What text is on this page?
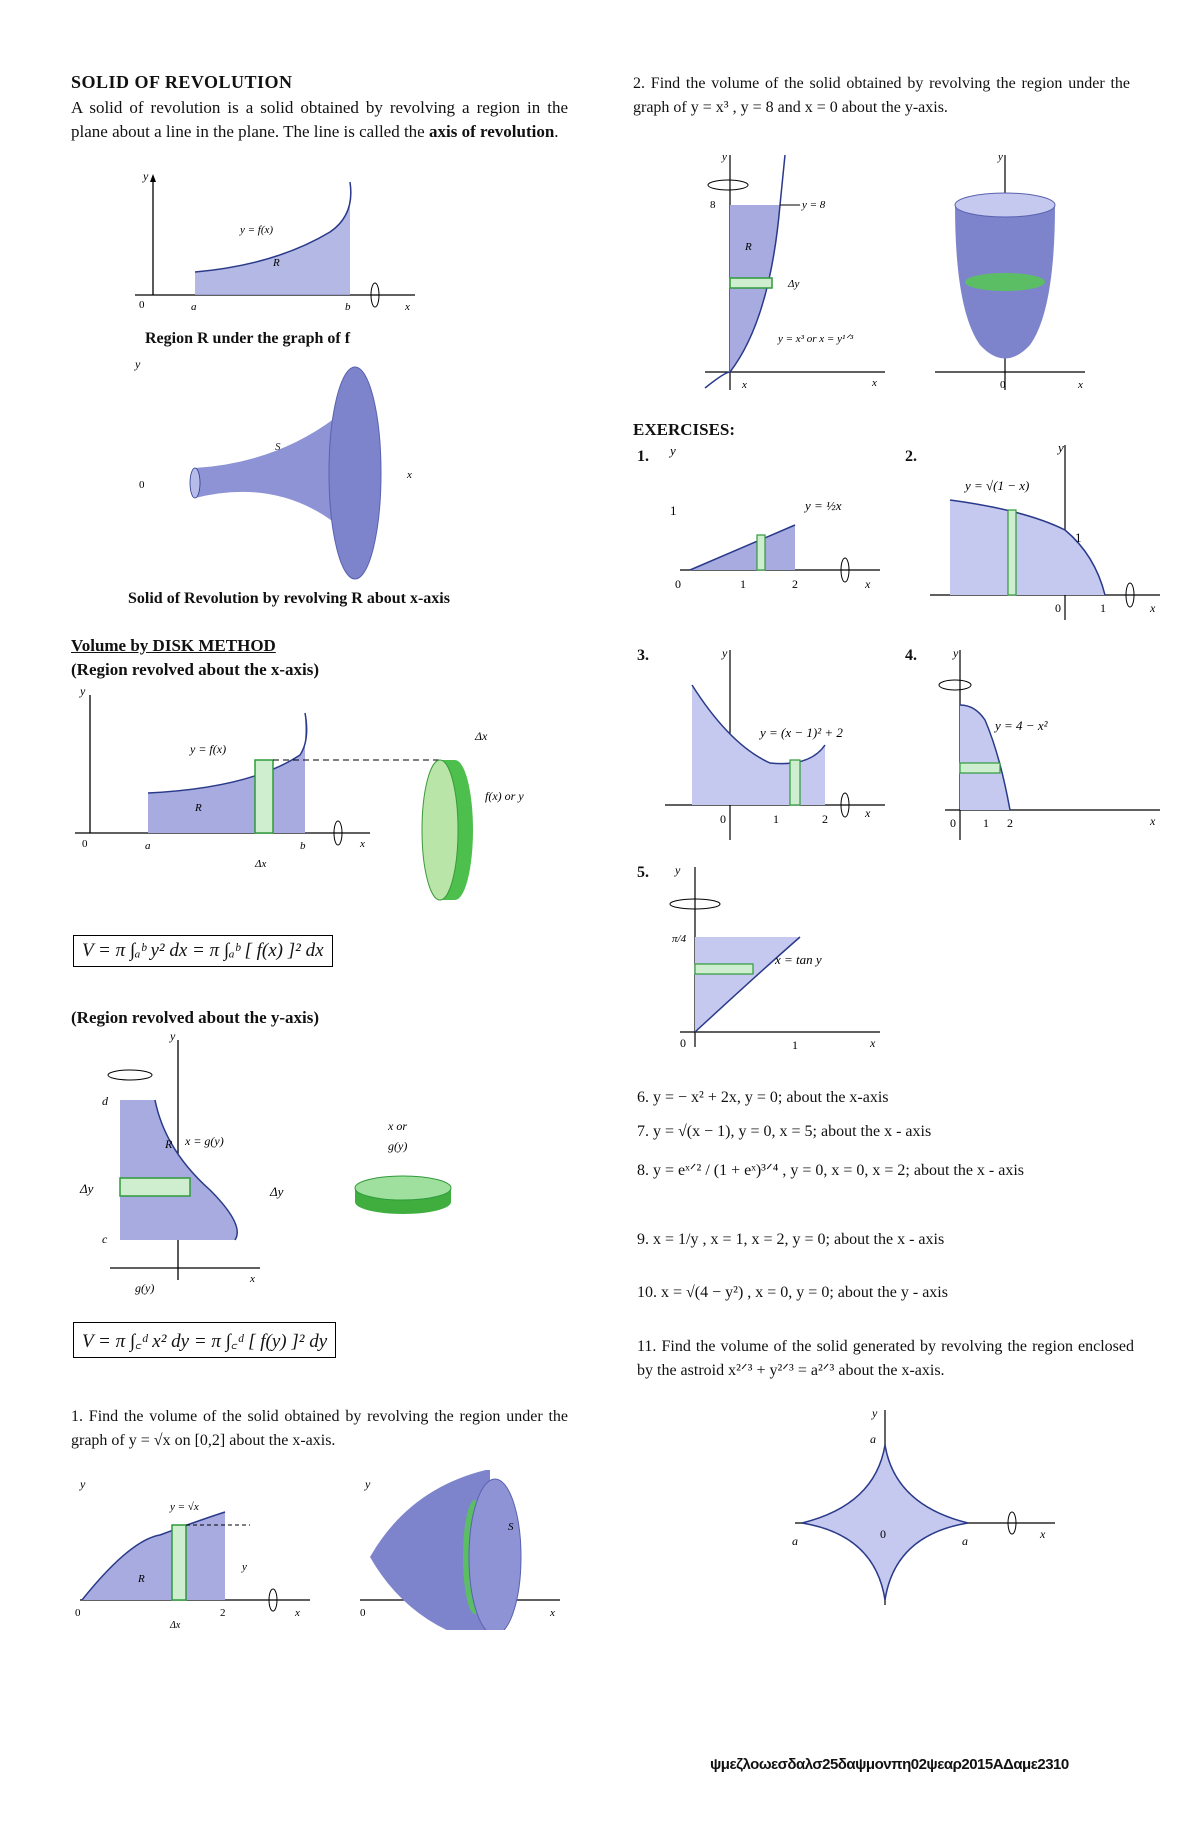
SOLID OF REVOLUTION
A solid of revolution is a solid obtained by revolving a region in the plane about a line in the plane. The line is called the axis of revolution.
y
0	a	b	x
y = f(x)
R
Region R under the graph of f
y
0
S
x
Solid of Revolution by revolving R about x-axis
Volume by DISK METHOD
(Region revolved about the x-axis)
y
0	a	b	x
y = f(x)
R
Δx
Δx
f(x) or y
V = π ∫ₐᵇ y² dx = π ∫ₐᵇ [ f(x) ]² dx
(Region revolved about the y-axis)
y
d
c
R x = g(y)
Δy
x
g(y)
Δy
x or
g(y)
V = π ∫꜀ᵈ x² dy = π ∫꜀ᵈ [ f(y) ]² dy
1. Find the volume of the solid obtained by revolving the region under the graph of y = √x on [0,2] about the x-axis.
y
y = √x
R
y
0	2
Δx
x
y
S
0	x
2. Find the volume of the solid obtained by revolving the region under the graph of y = x³ , y = 8 and x = 0 about the y-axis.
y
8	y = 8
R
Δy
y = x³ or x = y¹ᐟ³
x	x
y
0	x
EXERCISES:
1. y
1	y = ½x
0	1	2	x
2.
y
y = √(1 − x)
1
0	1	x
3.	y
y = (x − 1)² + 2
x
0	1	2
4.	y
y = 4 − x²
x
0 1 2
5. y
π/4
x = tan y
0	1	x
6. y = − x² + 2x, y = 0; about the x-axis
7. y = √(x − 1), y = 0, x = 5; about the x - axis
8. y = eˣᐟ² / (1 + eˣ)³ᐟ⁴ , y = 0, x = 0, x = 2; about the x - axis
9. x = 1/y , x = 1, x = 2, y = 0; about the x - axis
10. x = √(4 − y²) , x = 0, y = 0; about the y - axis
11. Find the volume of the solid generated by revolving the region enclosed by the astroid x²ᐟ³ + y²ᐟ³ = a²ᐟ³ about the x-axis.
y
a
a	a
0	x
ψμεζλοωεσδαλσ25δαψμονπη02ψεαρ2015ΑΔαμε2310
